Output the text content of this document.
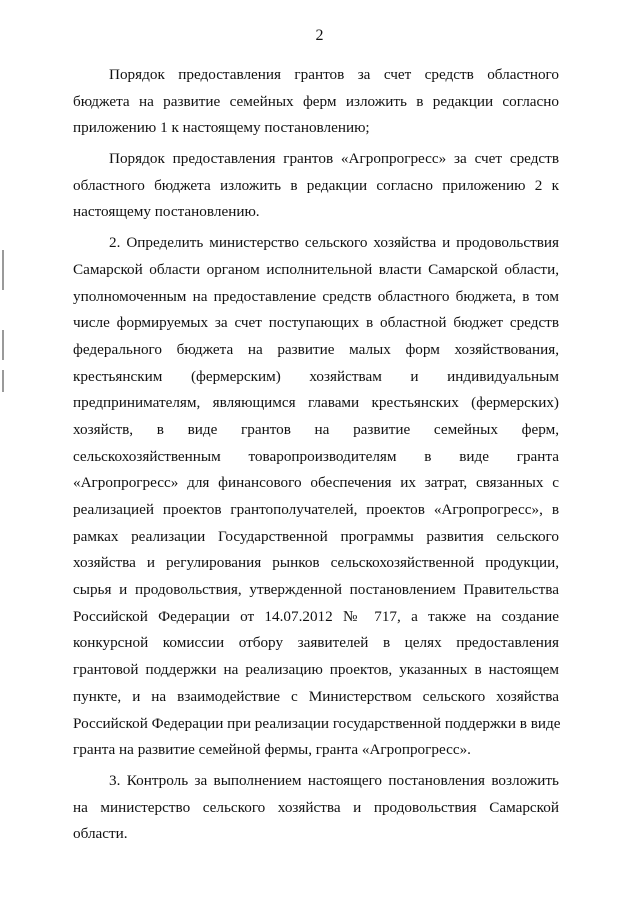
2

Порядок предоставления грантов за счет средств областного
бюджета на развитие семейных ферм изложить в редакции согласно
приложению 1 к настоящему постановлению;

Порядок предоставления грантов «Агропрогресс» за счет средств
областного бюджета изложить в редакции согласно приложению 2 к
настоящему постановлению.

2. Определить министерство сельского хозяйства и продовольствия
Самарской области органом исполнительной власти Самарской области,
уполномоченным на предоставление средств областного бюджета, в том
числе формируемых за счет поступающих в областной бюджет средств
федерального бюджета на развитие малых форм хозяйствования,
крестьянским (фермерским) хозяйствам и индивидуальным
предпринимателям, являющимся главами крестьянских (фермерских)
хозяйств, в виде грантов на развитие семейных ферм,
сельскохозяйственным товаропроизводителям в виде гранта
«Агропрогресс» для финансового обеспечения их затрат, связанных с
реализацией проектов грантополучателей, проектов «Агропрогресс», в
рамках реализации Государственной программы развития сельского
хозяйства и регулирования рынков сельскохозяйственной продукции,
сырья и продовольствия, утвержденной постановлением Правительства
Российской Федерации от 14.07.2012 № 717, а также на создание
конкурсной комиссии отбору заявителей в целях предоставления
грантовой поддержки на реализацию проектов, указанных в настоящем
пункте, и на взаимодействие с Министерством сельского хозяйства
Российской Федерации при реализации государственной поддержки в виде
гранта на развитие семейной фермы, гранта «Агропрогресс».

3. Контроль за выполнением настоящего постановления возложить
на министерство сельского хозяйства и продовольствия Самарской
области.
